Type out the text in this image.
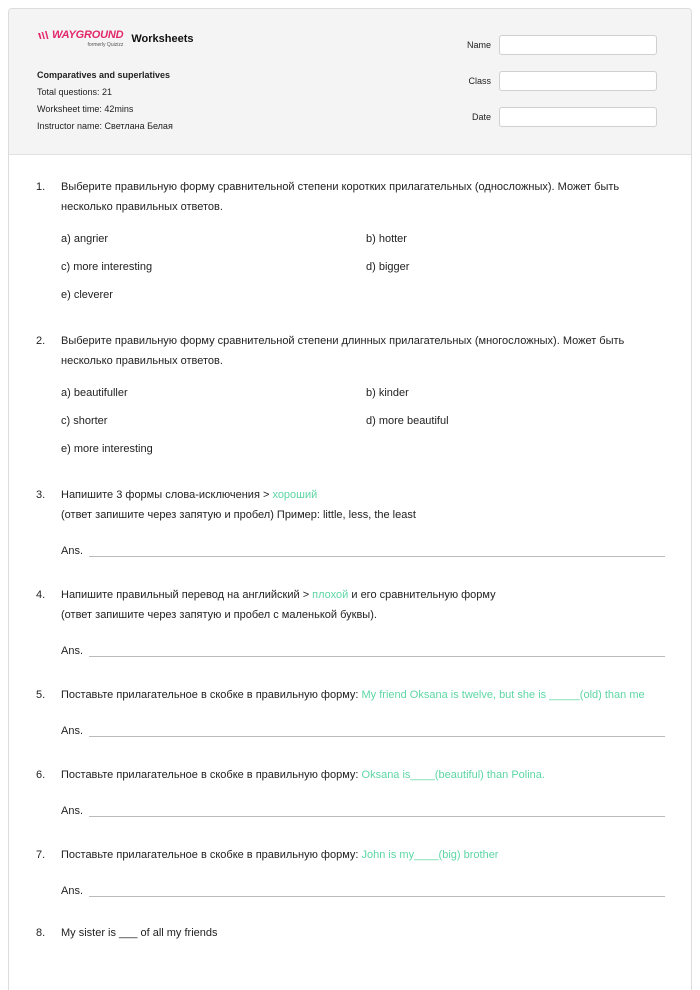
WAYGROUND
formerly Quizizz Worksheets
Comparatives and superlatives
Total questions: 21
Worksheet time: 42mins
Instructor name: Светлана Белая
Name
Class
Date
1. Выберите правильную форму сравнительной степени коротких прилагательных (односложных). Может быть несколько правильных ответов.
a) angrier	b) hotter
c) more interesting	d) bigger
e) cleverer
2. Выберите правильную форму сравнительной степени длинных прилагательных (многосложных). Может быть несколько правильных ответов.
a) beautifuller	b) kinder
c) shorter	d) more beautiful
e) more interesting
3. Напишите 3 формы слова-исключения > хороший
(ответ запишите через запятую и пробел) Пример: little, less, the least
Ans.
4. Напишите правильный перевод на английский > плохой и его сравнительную форму
(ответ запишите через запятую и пробел с маленькой буквы).
Ans.
5. Поставьте прилагательное в скобке в правильную форму: My friend Oksana is twelve, but she is _____(old) than me
Ans.
6. Поставьте прилагательное в скобке в правильную форму: Oksana is____(beautiful) than Polina.
Ans.
7. Поставьте прилагательное в скобке в правильную форму: John is my____(big) brother
Ans.
8. My sister is ___ of all my friends
